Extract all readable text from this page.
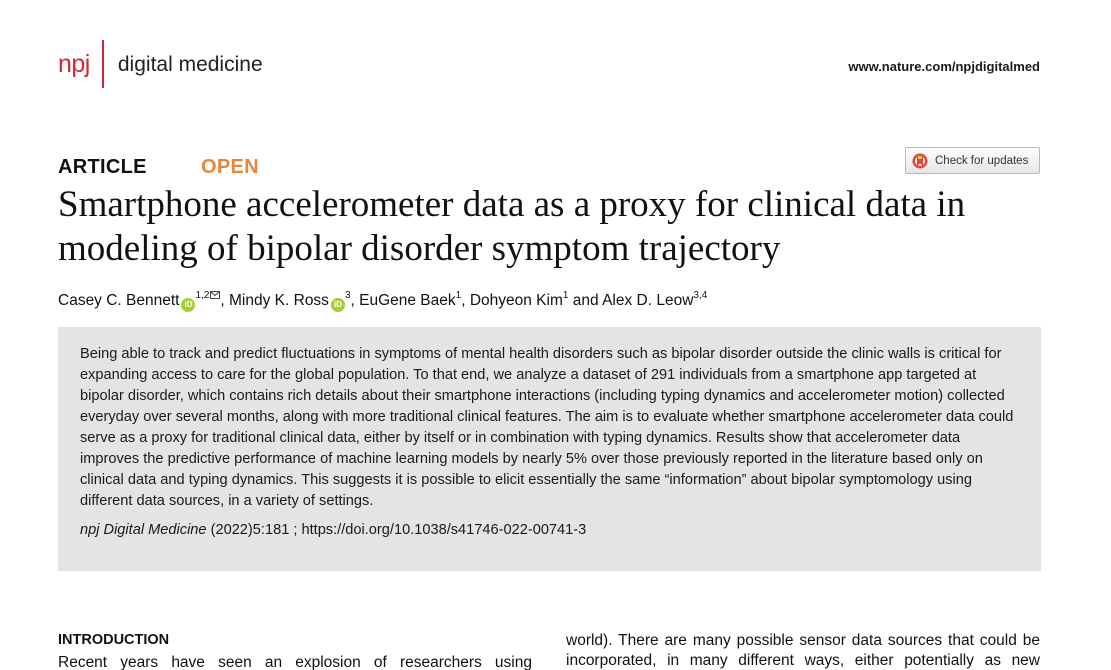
npj digital medicine	www.nature.com/npjdigitalmed
ARTICLE	OPEN	Check for updates
Smartphone accelerometer data as a proxy for clinical data in modeling of bipolar disorder symptom trajectory
Casey C. Bennett iD$^{1,2}$ , Mindy K. Ross $iD^3$, EuGene Baek$^1$, Dohyeon Kim$^1$ and Alex D. Leow$^{3,4}$

Being able to track and predict fluctuations in symptoms of mental health disorders such as bipolar disorder outside the clinic walls is critical for expanding access to care for the global population. To that end, we analyze a dataset of 291 individuals from a smartphone app targeted at bipolar disorder, which contains rich details about their smartphone interactions (including typing dynamics and accelerometer motion) collected everyday over several months, along with more traditional clinical features. The aim is to evaluate whether smartphone accelerometer data could serve as a proxy for traditional clinical data, either by itself or in combination with typing dynamics. Results show that accelerometer data improves the predictive performance of machine learning models by nearly 5% over those previously reported in the literature based only on clinical data and typing dynamics. This suggests it is possible to elicit essentially the same “information” about bipolar symptomology using different data sources, in a variety of settings.

npj Digital Medicine (2022)5:181 ; https://doi.org/10.1038/s41746-022-00741-3

INTRODUCTION
Recent years have seen an explosion of researchers using
world). There are many possible sensor data sources that could be
incorporated, in many different ways, either potentially as new
